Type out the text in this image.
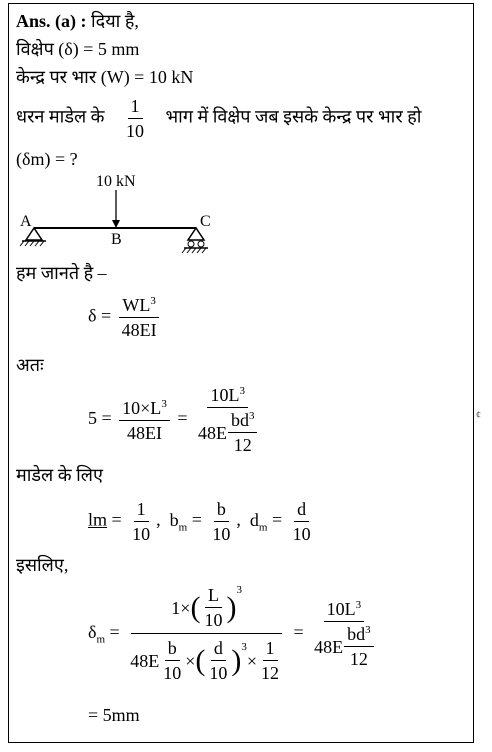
Ans. (a) : दिया है,
विक्षेप (δ) = 5 mm
केन्द्र पर भार (W) = 10 kN
धरन माडेल के $\frac{1}{10}$ भाग में विक्षेप जब इसके केन्द्र पर भार हो
(δm) = ?
10 kN
A
B
C
हम जानते है –
$\delta = \frac{WL^3}{48EI}$
अतः
$5 = \frac{10\times L^3}{48EI} = \frac{10L^3}{48E \frac{bd^3}{12}}$	¢
माडेल के लिए
lm = $\frac{1}{10}$ ,  $b_m = \frac{b}{10}$ ,  $d_m = \frac{d}{10}$
इसलिए,
$\delta_m$ =
1× ( $\frac{L}{10}$ )
$^3$
$48E \frac{b}{10}$ × ( $\frac{d}{10} )^3$
× $\frac{1}{12}$
= $\frac{10L^3}{48E \frac{bd^3}{12}}$
= 5mm
